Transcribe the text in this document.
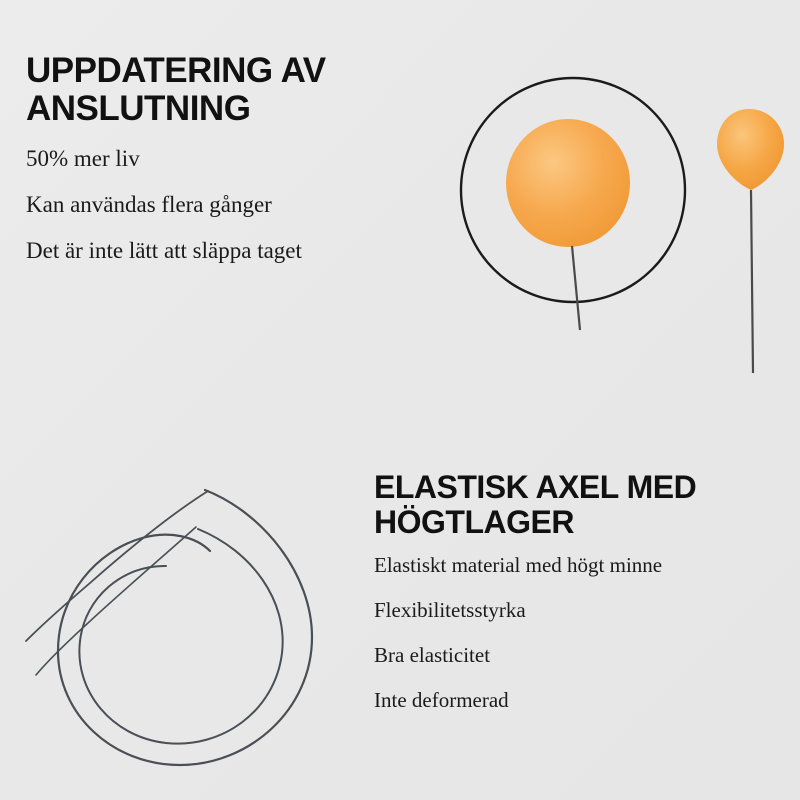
UPPDATERING AV ANSLUTNING
50% mer liv
Kan användas flera gånger
Det är inte lätt att släppa taget
ELASTISK AXEL MED HÖGTLAGER
Elastiskt material med högt minne
Flexibilitetsstyrka
Bra elasticitet
Inte deformerad
